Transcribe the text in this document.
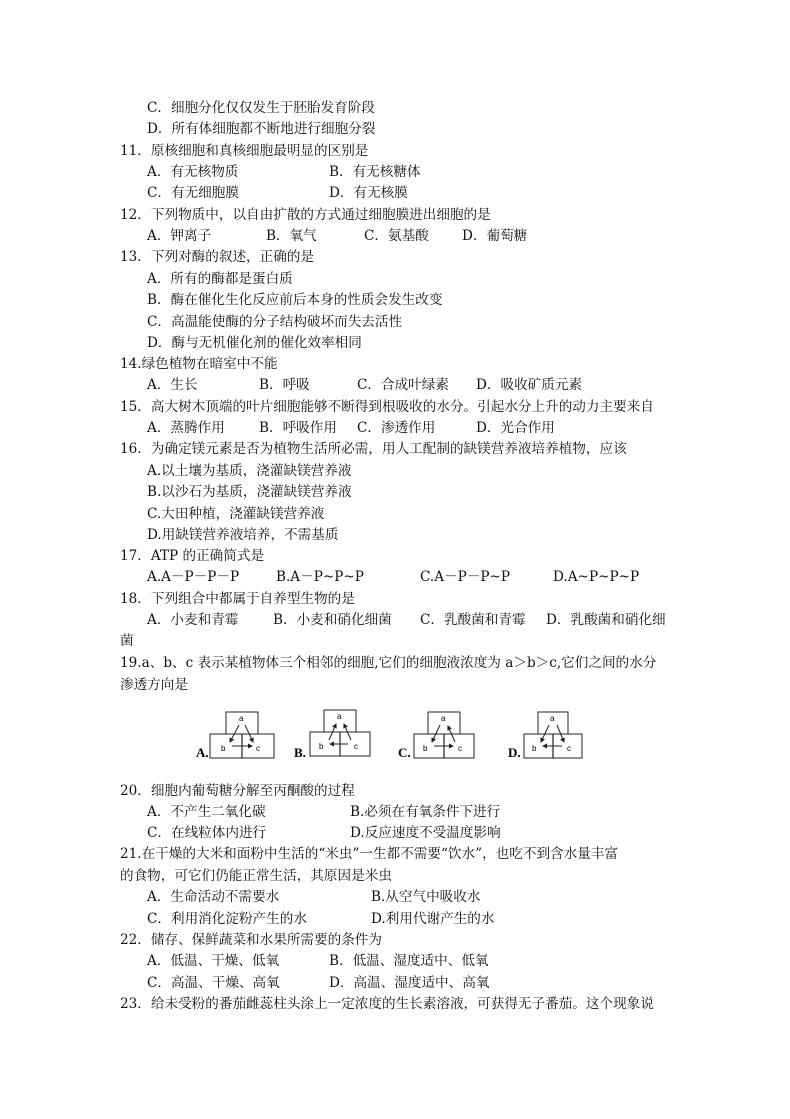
C．细胞分化仅仅发生于胚胎发育阶段
D．所有体细胞都不断地进行细胞分裂
11．原核细胞和真核细胞最明显的区别是
A．有无核物质	B．有无核糖体
C．有无细胞膜	D．有无核膜
12．下列物质中，以自由扩散的方式通过细胞膜进出细胞的是
A．钾离子	B．氧气	C．氨基酸 D．葡萄糖
13．下列对酶的叙述，正确的是
A．所有的酶都是蛋白质
B．酶在催化生化反应前后本身的性质会发生改变
C．高温能使酶的分子结构破坏而失去活性
D．酶与无机催化剂的催化效率相同
14.绿色植物在暗室中不能
A．生长	B．呼吸	C．合成叶绿素 D．吸收矿质元素
15．高大树木顶端的叶片细胞能够不断得到根吸收的水分。引起水分上升的动力主要来自
A．蒸腾作用	B．呼吸作用 C．渗透作用	D．光合作用
16．为确定镁元素是否为植物生活所必需，用人工配制的缺镁营养液培养植物，应该
A.以土壤为基质，浇灌缺镁营养液
B.以沙石为基质，浇灌缺镁营养液
C.大田种植，浇灌缺镁营养液
D.用缺镁营养液培养，不需基质
17．ATP 的正确简式是
A.A－P－P－P	B.A－P~P~P	C.A－P－P~P	D.A~P~P~P
18．下列组合中都属于自养型生物的是
A．小麦和青霉	B．小麦和硝化细菌 C．乳酸菌和青霉 D．乳酸菌和硝化细
菌
19.a、b、c 表示某植物体三个相邻的细胞,它们的细胞液浓度为 a＞b＞c,它们之间的水分
渗透方向是
A.
a
b	c	B.
a
b	c	C.
a
b	c	D.
a
b	c
20．细胞内葡萄糖分解至丙酮酸的过程
A．不产生二氧化碳	B.必须在有氧条件下进行
C．在线粒体内进行	D.反应速度不受温度影响
21.在干燥的大米和面粉中生活的“米虫”一生都不需要“饮水”，也吃不到含水量丰富
的食物，可它们仍能正常生活，其原因是米虫
A．生命活动不需要水	B.从空气中吸收水
C．利用消化淀粉产生的水	D.利用代谢产生的水
22．储存、保鲜蔬菜和水果所需要的条件为
A．低温、干燥、低氧	B．低温、湿度适中、低氧
C．高温、干燥、高氧	D．高温、湿度适中、高氧
23．给未受粉的番茄雌蕊柱头涂上一定浓度的生长素溶液，可获得无子番茄。这个现象说
